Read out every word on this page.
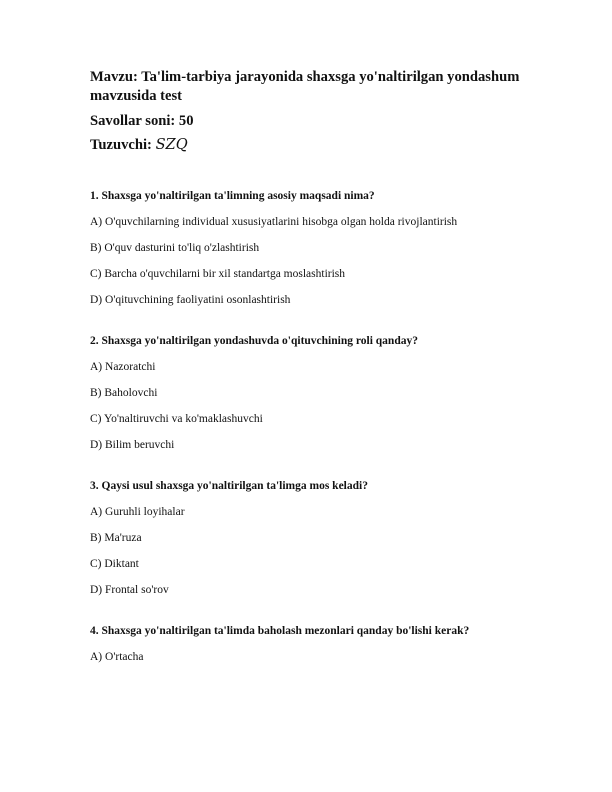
Mavzu: Ta'lim-tarbiya jarayonida shaxsga yo'naltirilgan yondashum
mavzusida test

Savollar soni: 50
Tuzuvchi: SZQ

1. Shaxsga yo'naltirilgan ta'limning asosiy maqsadi nima?

A) O'quvchilarning individual xususiyatlarini hisobga olgan holda rivojlantirish
B) O'quv dasturini to'liq o'zlashtirish
C) Barcha o'quvchilarni bir xil standartga moslashtirish
D) O'qituvchining faoliyatini osonlashtirish

2. Shaxsga yo'naltirilgan yondashuvda o'qituvchining roli qanday?

A) Nazoratchi
B) Baholovchi
C) Yo'naltiruvchi va ko'maklashuvchi
D) Bilim beruvchi

3. Qaysi usul shaxsga yo'naltirilgan ta'limga mos keladi?

A) Guruhli loyihalar
B) Ma'ruza
C) Diktant
D) Frontal so'rov

4. Shaxsga yo'naltirilgan ta'limda baholash mezonlari qanday bo'lishi kerak?

A) O'rtacha
